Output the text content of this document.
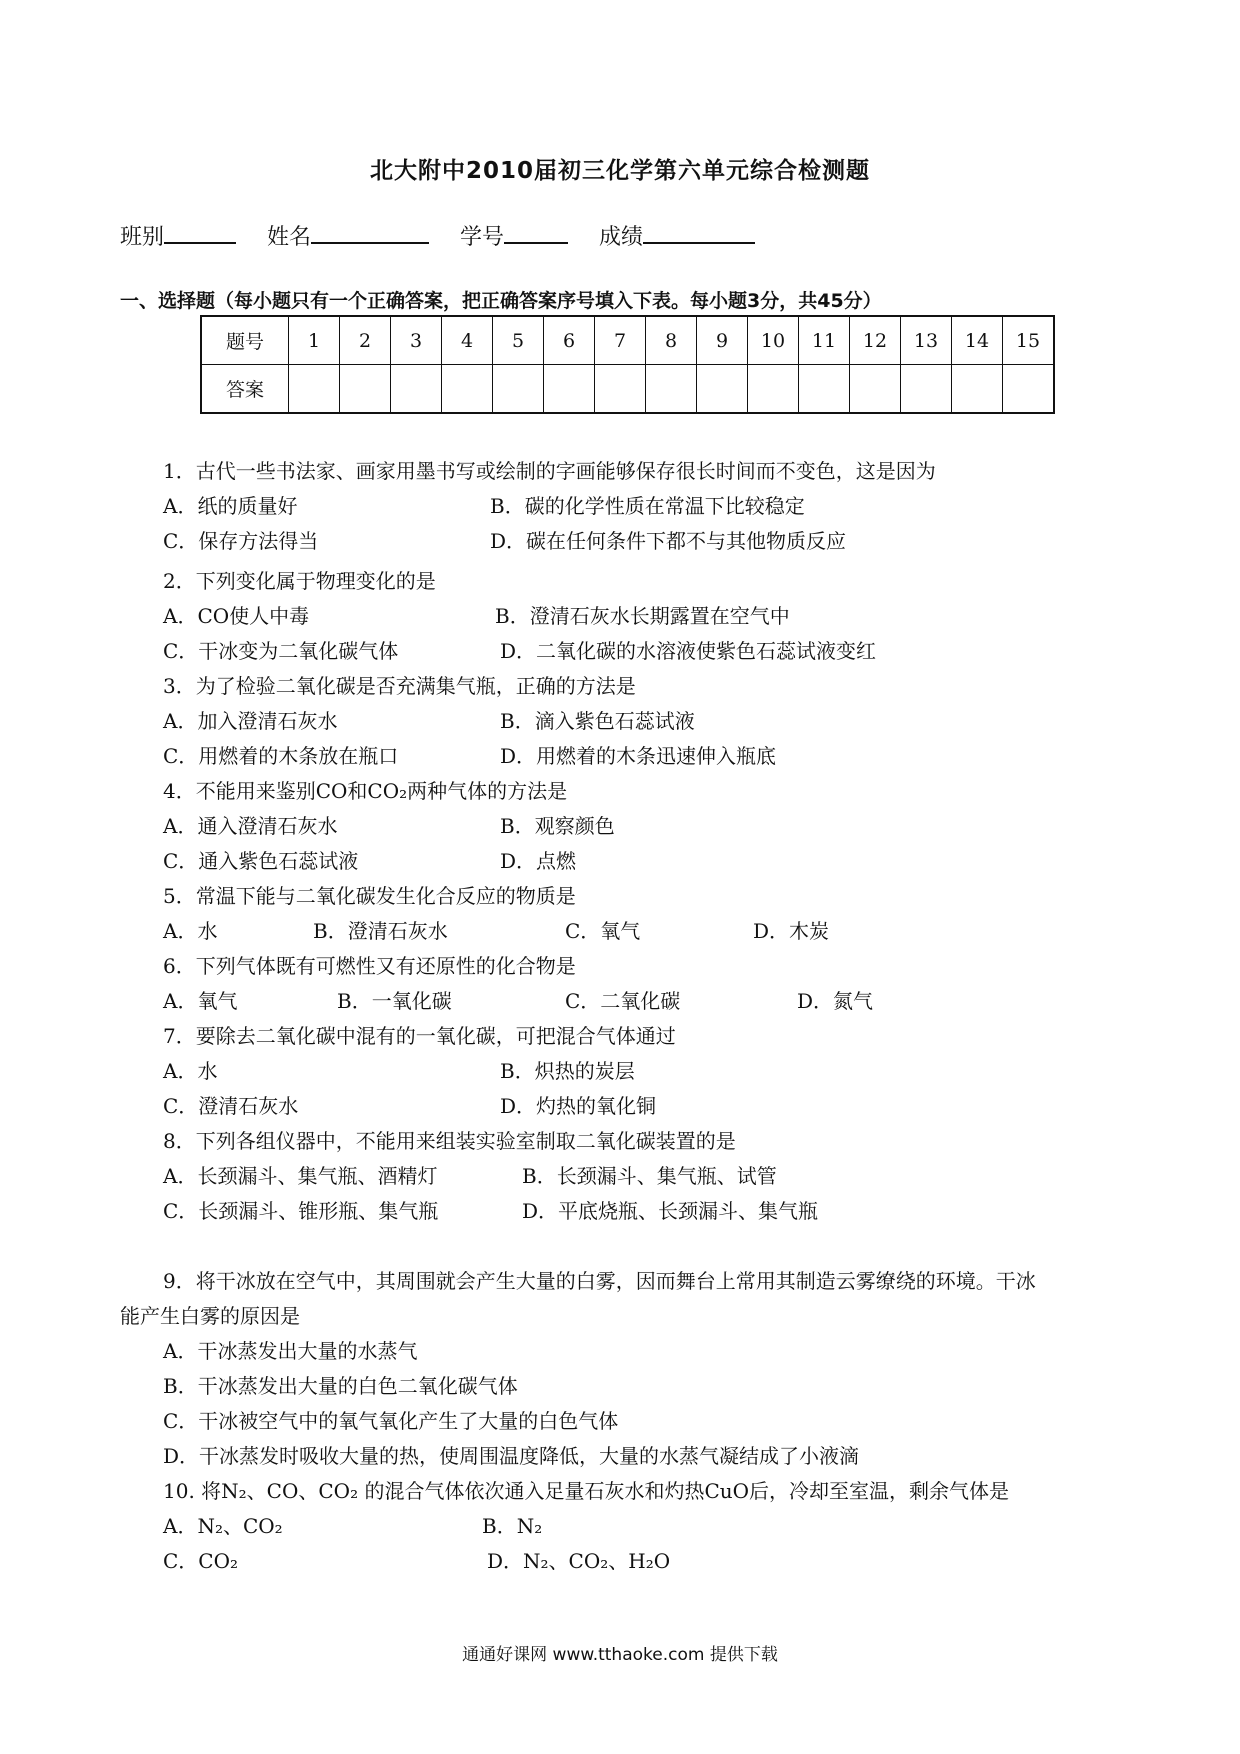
北大附中2010届初三化学第六单元综合检测题
班别	姓名	学号	成绩
一、选择题（每小题只有一个正确答案，把正确答案序号填入下表。每小题3分，共45分）
题号	1	2	3	4	5	6	7	8	9	10	11	12	13	14	15
答案															
1．古代一些书法家、画家用墨书写或绘制的字画能够保存很长时间而不变色，这是因为
A．纸的质量好	B．碳的化学性质在常温下比较稳定
C．保存方法得当	D．碳在任何条件下都不与其他物质反应
2．下列变化属于物理变化的是
A．CO使人中毒	B．澄清石灰水长期露置在空气中
C．干冰变为二氧化碳气体	D．二氧化碳的水溶液使紫色石蕊试液变红
3．为了检验二氧化碳是否充满集气瓶，正确的方法是
A．加入澄清石灰水	B．滴入紫色石蕊试液
C．用燃着的木条放在瓶口	D．用燃着的木条迅速伸入瓶底
4．不能用来鉴别CO和CO₂两种气体的方法是
A．通入澄清石灰水	B．观察颜色
C．通入紫色石蕊试液	D．点燃
5．常温下能与二氧化碳发生化合反应的物质是
A．水	B．澄清石灰水	C．氧气	D．木炭
6．下列气体既有可燃性又有还原性的化合物是
A．氧气	B．一氧化碳	C．二氧化碳	D．氮气
7．要除去二氧化碳中混有的一氧化碳，可把混合气体通过
A．水	B．炽热的炭层
C．澄清石灰水	D．灼热的氧化铜
8．下列各组仪器中，不能用来组装实验室制取二氧化碳装置的是
A．长颈漏斗、集气瓶、酒精灯	B．长颈漏斗、集气瓶、试管
C．长颈漏斗、锥形瓶、集气瓶	D．平底烧瓶、长颈漏斗、集气瓶
9．将干冰放在空气中，其周围就会产生大量的白雾，因而舞台上常用其制造云雾缭绕的环境。干冰
能产生白雾的原因是
A．干冰蒸发出大量的水蒸气
B．干冰蒸发出大量的白色二氧化碳气体
C．干冰被空气中的氧气氧化产生了大量的白色气体
D．干冰蒸发时吸收大量的热，使周围温度降低，大量的水蒸气凝结成了小液滴
10. 将N₂、CO、CO₂ 的混合气体依次通入足量石灰水和灼热CuO后，冷却至室温，剩余气体是
A．N₂、CO₂	B．N₂
C．CO₂	D．N₂、CO₂、H₂O
通通好课网 www.tthaoke.com 提供下载
